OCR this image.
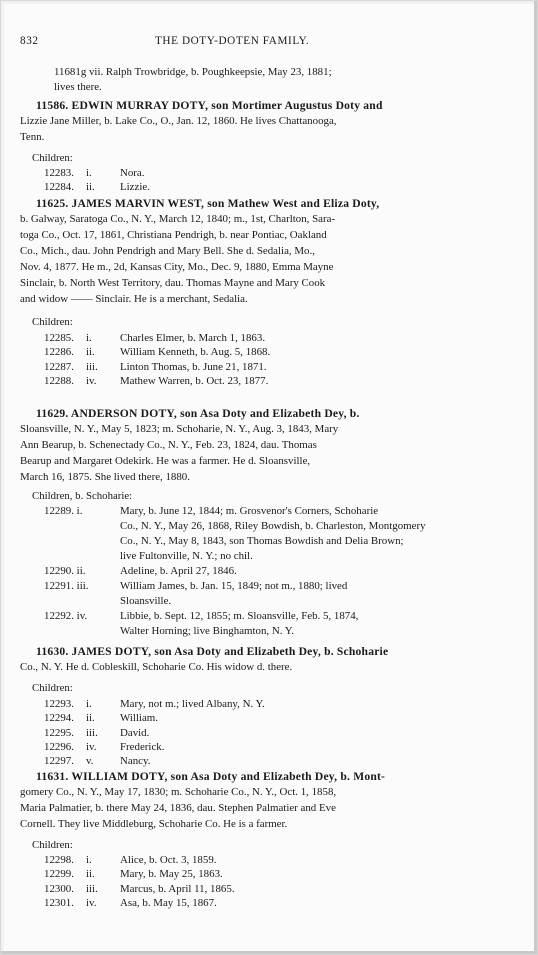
832	THE DOTY-DOTEN FAMILY.
11681g vii. Ralph Trowbridge, b. Poughkeepsie, May 23, 1881;
lives there.
11586. EDWIN MURRAY DOTY, son Mortimer Augustus Doty and
Lizzie Jane Miller, b. Lake Co., O., Jan. 12, 1860. He lives Chattanooga,
Tenn.
Children:
12283. i.	Nora.
12284. ii. Lizzie.
11625. JAMES MARVIN WEST, son Mathew West and Eliza Doty,
b. Galway, Saratoga Co., N. Y., March 12, 1840; m., 1st, Charlton, Sara-
toga Co., Oct. 17, 1861, Christiana Pendrigh, b. near Pontiac, Oakland
Co., Mich., dau. John Pendrigh and Mary Bell. She d. Sedalia, Mo.,
Nov. 4, 1877. He m., 2d, Kansas City, Mo., Dec. 9, 1880, Emma Mayne
Sinclair, b. North West Territory, dau. Thomas Mayne and Mary Cook
and widow —— Sinclair. He is a merchant, Sedalia.
Children:
12285. i.	Charles Elmer, b. March 1, 1863.
12286. ii. William Kenneth, b. Aug. 5, 1868.
12287. iii. Linton Thomas, b. June 21, 1871.
12288. iv. Mathew Warren, b. Oct. 23, 1877.
11629. ANDERSON DOTY, son Asa Doty and Elizabeth Dey, b.
Sloansville, N. Y., May 5, 1823; m. Schoharie, N. Y., Aug. 3, 1843, Mary
Ann Bearup, b. Schenectady Co., N. Y., Feb. 23, 1824, dau. Thomas
Bearup and Margaret Odekirk. He was a farmer. He d. Sloansville,
March 16, 1875. She lived there, 1880.
Children, b. Schoharie:
12289. i.	Mary, b. June 12, 1844; m. Grosvenor's Corners, Schoharie
Co., N. Y., May 26, 1868, Riley Bowdish, b. Charleston, Montgomery
Co., N. Y., May 8, 1843, son Thomas Bowdish and Delia Brown;
live Fultonville, N. Y.; no chil.
12290. ii.	Adeline, b. April 27, 1846.
12291. iii.	William James, b. Jan. 15, 1849; not m., 1880; lived
Sloansville.
12292. iv.	Libbie, b. Sept. 12, 1855; m. Sloansville, Feb. 5, 1874,
Walter Horning; live Binghamton, N. Y.
11630. JAMES DOTY, son Asa Doty and Elizabeth Dey, b. Schoharie
Co., N. Y. He d. Cobleskill, Schoharie Co. His widow d. there.
Children:
12293. i.	Mary, not m.; lived Albany, N. Y.
12294. ii. William.
12295. iii. David.
12296. iv. Frederick.
12297. v. Nancy.
11631. WILLIAM DOTY, son Asa Doty and Elizabeth Dey, b. Mont-
gomery Co., N. Y., May 17, 1830; m. Schoharie Co., N. Y., Oct. 1, 1858,
Maria Palmatier, b. there May 24, 1836, dau. Stephen Palmatier and Eve
Cornell. They live Middleburg, Schoharie Co. He is a farmer.
Children:
12298. i.	Alice, b. Oct. 3, 1859.
12299. ii. Mary, b. May 25, 1863.
12300. iii. Marcus, b. April 11, 1865.
12301. iv. Asa, b. May 15, 1867.
